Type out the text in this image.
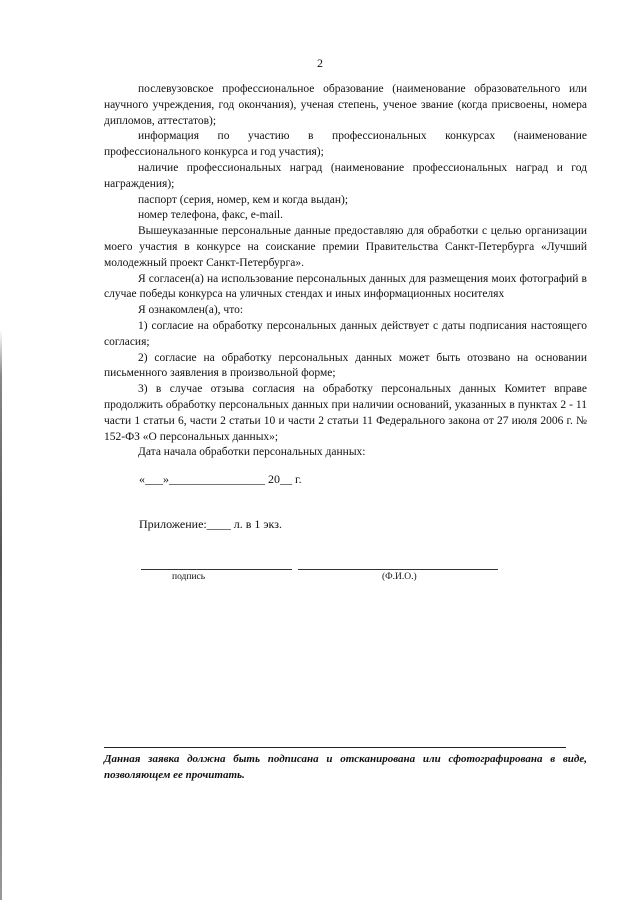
2

послевузовское профессиональное образование (наименование образовательного или научного учреждения, год окончания), ученая степень, ученое звание (когда присвоены, номера дипломов, аттестатов);

информация по участию в профессиональных конкурсах (наименование профессионального конкурса и год участия);

наличие профессиональных наград (наименование профессиональных наград и год награждения);

паспорт (серия, номер, кем и когда выдан);

номер телефона, факс, e-mail.

Вышеуказанные персональные данные предоставляю для обработки с целью организации моего участия в конкурсе на соискание премии Правительства Санкт-Петербурга «Лучший молодежный проект Санкт-Петербурга».

Я согласен(а) на использование персональных данных для размещения моих фотографий в случае победы конкурса на уличных стендах и иных информационных носителях

Я ознакомлен(а), что:

1) согласие на обработку персональных данных действует с даты подписания настоящего согласия;

2) согласие на обработку персональных данных может быть отозвано на основании письменного заявления в произвольной форме;

3) в случае отзыва согласия на обработку персональных данных Комитет вправе продолжить обработку персональных данных при наличии оснований, указанных в пунктах 2 - 11 части 1 статьи 6, части 2 статьи 10 и части 2 статьи 11 Федерального закона от 27 июля 2006 г. № 152-ФЗ «О персональных данных»;

Дата начала обработки персональных данных:

«___»________________ 20__ г.
Приложение:____ л. в 1 экз.
подпись	(Ф.И.О.)
Данная заявка должна быть подписана и отсканирована или сфотографирована в виде, позволяющем ее прочитать.
